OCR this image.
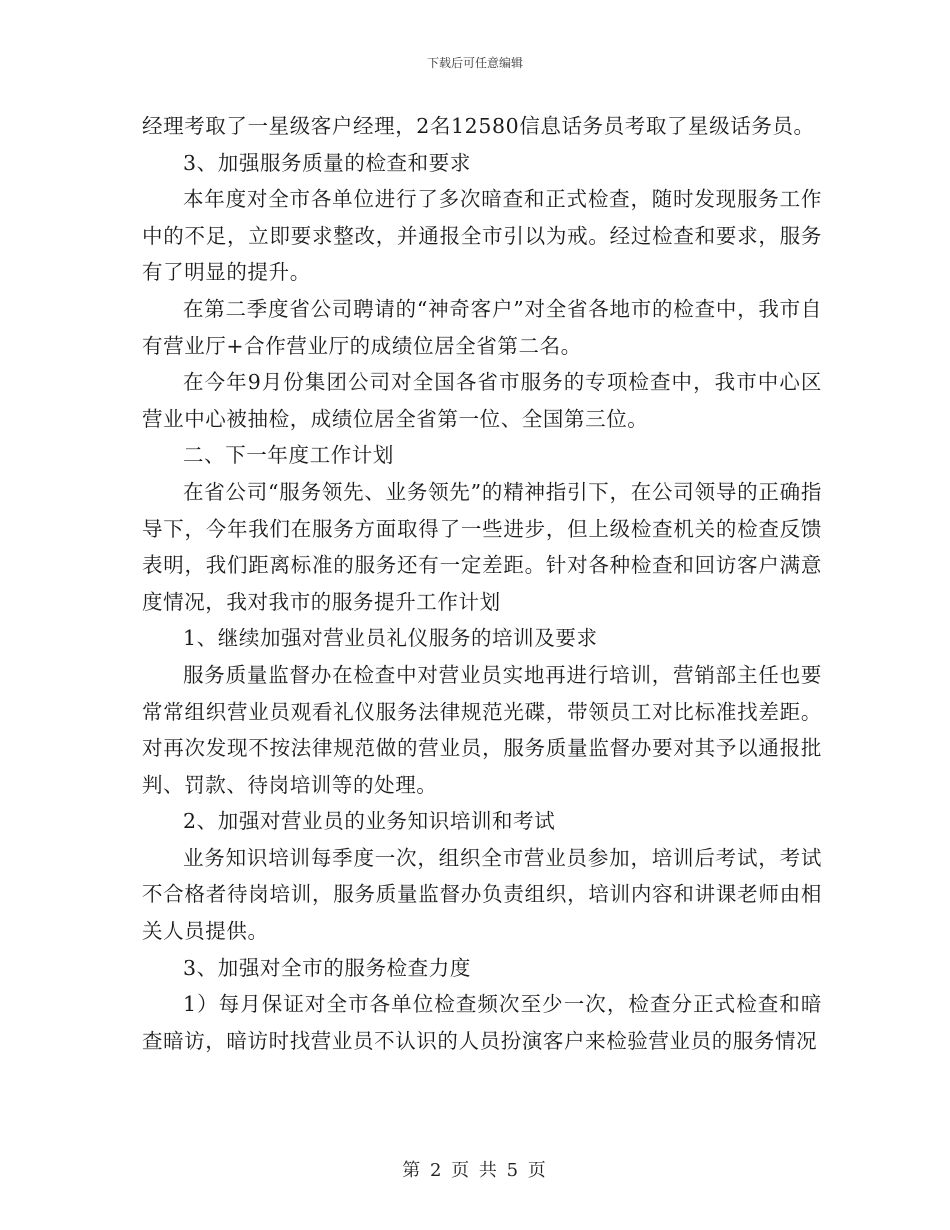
下载后可任意编辑

经理考取了一星级客户经理，2名12580信息话务员考取了星级话务员。

3、加强服务质量的检查和要求

本年度对全市各单位进行了多次暗查和正式检查，随时发现服务工作中的不足，立即要求整改，并通报全市引以为戒。经过检查和要求，服务有了明显的提升。

在第二季度省公司聘请的“神奇客户”对全省各地市的检查中，我市自有营业厅+合作营业厅的成绩位居全省第二名。

在今年9月份集团公司对全国各省市服务的专项检查中，我市中心区营业中心被抽检，成绩位居全省第一位、全国第三位。

二、下一年度工作计划

在省公司“服务领先、业务领先”的精神指引下，在公司领导的正确指导下，今年我们在服务方面取得了一些进步，但上级检查机关的检查反馈表明，我们距离标准的服务还有一定差距。针对各种检查和回访客户满意度情况，我对我市的服务提升工作计划

1、继续加强对营业员礼仪服务的培训及要求

服务质量监督办在检查中对营业员实地再进行培训，营销部主任也要常常组织营业员观看礼仪服务法律规范光碟，带领员工对比标准找差距。对再次发现不按法律规范做的营业员，服务质量监督办要对其予以通报批判、罚款、待岗培训等的处理。

2、加强对营业员的业务知识培训和考试

业务知识培训每季度一次，组织全市营业员参加，培训后考试，考试不合格者待岗培训，服务质量监督办负责组织，培训内容和讲课老师由相关人员提供。

3、加强对全市的服务检查力度

1）每月保证对全市各单位检查频次至少一次，检查分正式检查和暗查暗访，暗访时找营业员不认识的人员扮演客户来检验营业员的服务情况

第 2 页 共 5 页
